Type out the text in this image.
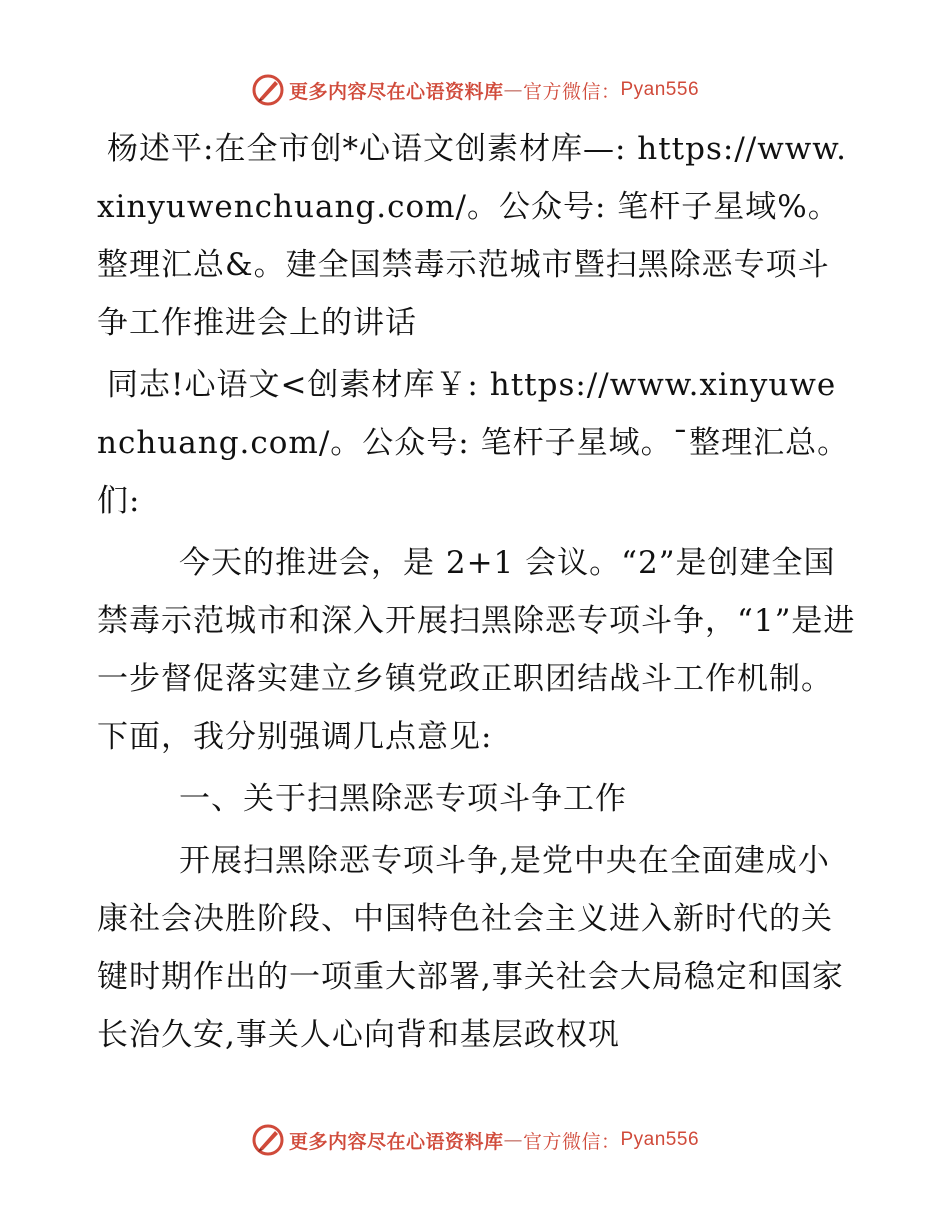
更多内容尽在心语资料库 — 官方微信： Pyan556

杨述平:在全市创*心语文创素材库—: https://www.xinyuwenchuang.com/。公众号: 笔杆子星域%。整理汇总&。建全国禁毒示范城市暨扫黑除恶专项斗争工作推进会上的讲话

同志!心语文<创素材库￥: https://www.xinyuwenchuang.com/。公众号: 笔杆子星域。¯整理汇总。们:

今天的推进会，是 2+1 会议。“2”是创建全国禁毒示范城市和深入开展扫黑除恶专项斗争，“1”是进一步督促落实建立乡镇党政正职团结战斗工作机制。下面，我分别强调几点意见:

一、关于扫黑除恶专项斗争工作

开展扫黑除恶专项斗争,是党中央在全面建成小康社会决胜阶段、中国特色社会主义进入新时代的关键时期作出的一项重大部署,事关社会大局稳定和国家长治久安,事关人心向背和基层政权巩

更多内容尽在心语资料库 — 官方微信： Pyan556
